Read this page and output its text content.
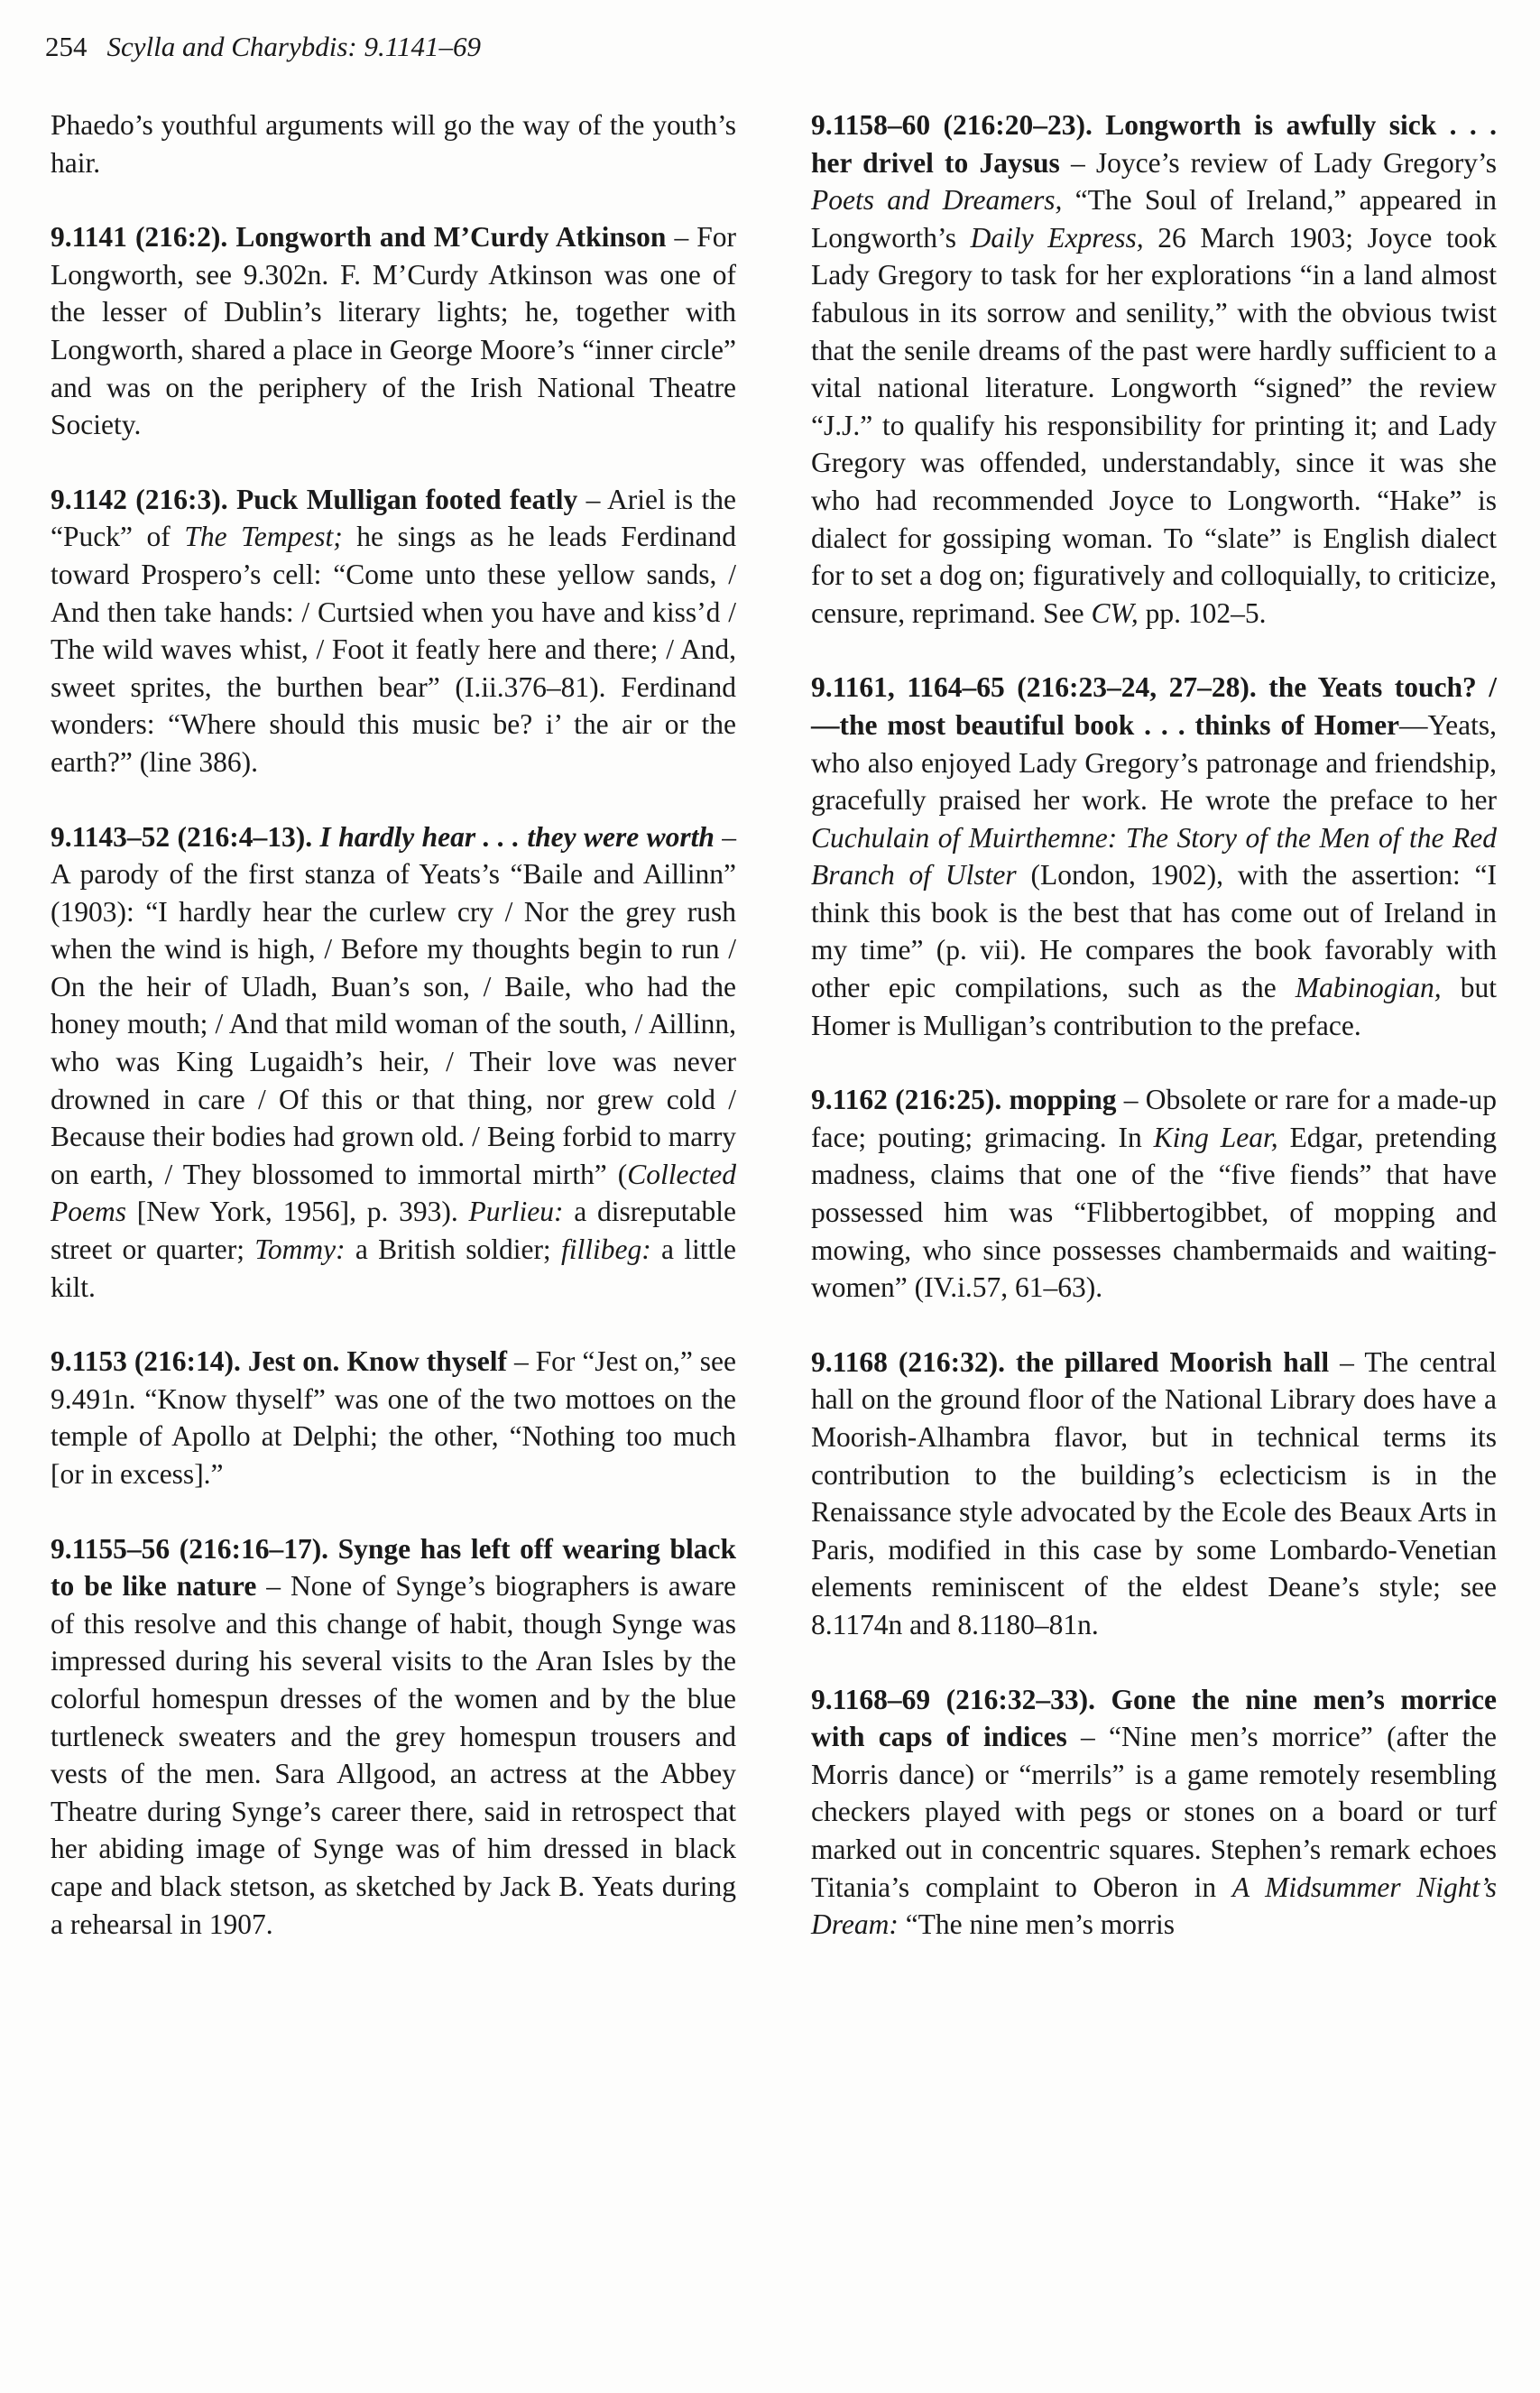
254 Scylla and Charybdis: 9.1141–69

Phaedo’s youthful arguments will go the way of the youth’s hair.

9.1141 (216:2). Longworth and M’Curdy Atkinson – For Longworth, see 9.302n. F. M’Curdy Atkinson was one of the lesser of Dublin’s literary lights; he, together with Longworth, shared a place in George Moore’s “inner circle” and was on the periphery of the Irish National Theatre Society.

9.1142 (216:3). Puck Mulligan footed featly – Ariel is the “Puck” of The Tempest; he sings as he leads Ferdinand toward Prospero’s cell: “Come unto these yellow sands, / And then take hands: / Curtsied when you have and kiss’d / The wild waves whist, / Foot it featly here and there; / And, sweet sprites, the burthen bear” (I.ii.376–81). Ferdinand wonders: “Where should this music be? i’ the air or the earth?” (line 386).

9.1143–52 (216:4–13). I hardly hear . . . they were worth – A parody of the first stanza of Yeats’s “Baile and Aillinn” (1903): “I hardly hear the curlew cry / Nor the grey rush when the wind is high, / Before my thoughts begin to run / On the heir of Uladh, Buan’s son, / Baile, who had the honey mouth; / And that mild woman of the south, / Aillinn, who was King Lugaidh’s heir, / Their love was never drowned in care / Of this or that thing, nor grew cold / Because their bodies had grown old. / Being forbid to marry on earth, / They blossomed to immortal mirth” (Collected Poems [New York, 1956], p. 393). Purlieu: a disreputable street or quarter; Tommy: a British soldier; fillibeg: a little kilt.

9.1153 (216:14). Jest on. Know thyself – For “Jest on,” see 9.491n. “Know thyself” was one of the two mottoes on the temple of Apollo at Delphi; the other, “Nothing too much [or in excess].”

9.1155–56 (216:16–17). Synge has left off wearing black to be like nature – None of Synge’s biographers is aware of this resolve and this change of habit, though Synge was impressed during his several visits to the Aran Isles by the colorful homespun dresses of the women and by the blue turtleneck sweaters and the grey homespun trousers and vests of the men. Sara Allgood, an actress at the Abbey Theatre during Synge’s career there, said in retrospect that her abiding image of Synge was of him dressed in black cape and black stetson, as sketched by Jack B. Yeats during a rehearsal in 1907.

9.1158–60 (216:20–23). Longworth is awfully sick . . . her drivel to Jaysus – Joyce’s review of Lady Gregory’s Poets and Dreamers, “The Soul of Ireland,” appeared in Longworth’s Daily Express, 26 March 1903; Joyce took Lady Gregory to task for her explorations “in a land almost fabulous in its sorrow and senility,” with the obvious twist that the senile dreams of the past were hardly sufficient to a vital national literature. Longworth “signed” the review “J.J.” to qualify his responsibility for printing it; and Lady Gregory was offended, understandably, since it was she who had recommended Joyce to Longworth. “Hake” is dialect for gossiping woman. To “slate” is English dialect for to set a dog on; figuratively and colloquially, to criticize, censure, reprimand. See CW, pp. 102–5.

9.1161, 1164–65 (216:23–24, 27–28). the Yeats touch? / —the most beautiful book . . . thinks of Homer—Yeats, who also enjoyed Lady Gregory’s patronage and friendship, gracefully praised her work. He wrote the preface to her Cuchulain of Muirthemne: The Story of the Men of the Red Branch of Ulster (London, 1902), with the assertion: “I think this book is the best that has come out of Ireland in my time” (p. vii). He compares the book favorably with other epic compilations, such as the Mabinogian, but Homer is Mulligan’s contribution to the preface.

9.1162 (216:25). mopping – Obsolete or rare for a made-up face; pouting; grimacing. In King Lear, Edgar, pretending madness, claims that one of the “five fiends” that have possessed him was “Flibbertogibbet, of mopping and mowing, who since possesses chambermaids and waiting-women” (IV.i.57, 61–63).

9.1168 (216:32). the pillared Moorish hall – The central hall on the ground floor of the National Library does have a Moorish-Alhambra flavor, but in technical terms its contribution to the building’s eclecticism is in the Renaissance style advocated by the Ecole des Beaux Arts in Paris, modified in this case by some Lombardo-Venetian elements reminiscent of the eldest Deane’s style; see 8.1174n and 8.1180–81n.

9.1168–69 (216:32–33). Gone the nine men’s morrice with caps of indices – “Nine men’s morrice” (after the Morris dance) or “merrils” is a game remotely resembling checkers played with pegs or stones on a board or turf marked out in concentric squares. Stephen’s remark echoes Titania’s complaint to Oberon in A Midsummer Night’s Dream: “The nine men’s morris
